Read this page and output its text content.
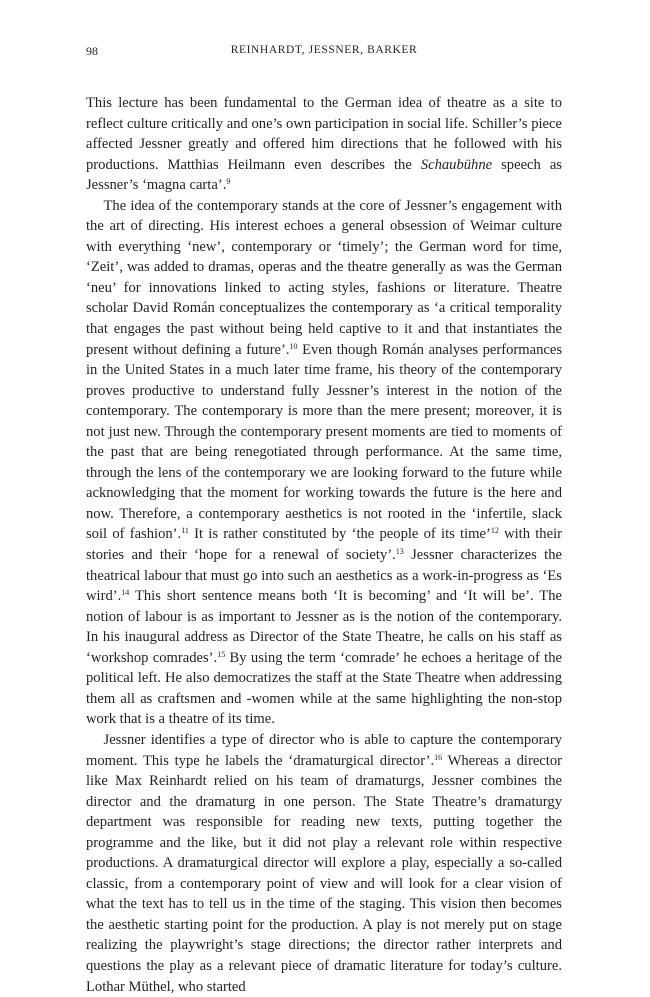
98	REINHARDT, JESSNER, BARKER

This lecture has been fundamental to the German idea of theatre as a site to reflect culture critically and one’s own participation in social life. Schiller’s piece affected Jessner greatly and offered him directions that he followed with his productions. Matthias Heilmann even describes the Schaubühne speech as Jessner’s ‘magna carta’.$^9$

The idea of the contemporary stands at the core of Jessner’s engagement with the art of directing. His interest echoes a general obsession of Weimar culture with everything ‘new’, contemporary or ‘timely’; the German word for time, ‘Zeit’, was added to dramas, operas and the theatre generally as was the German ‘neu’ for innovations linked to acting styles, fashions or literature. Theatre scholar David Román conceptualizes the contemporary as ‘a critical temporality that engages the past without being held captive to it and that instantiates the present without defining a future’.$^{10}$ Even though Román analyses performances in the United States in a much later time frame, his theory of the contemporary proves productive to understand fully Jessner’s interest in the notion of the contemporary. The contemporary is more than the mere present; moreover, it is not just new. Through the contemporary present moments are tied to moments of the past that are being renegotiated through performance. At the same time, through the lens of the contemporary we are looking forward to the future while acknowledging that the moment for working towards the future is the here and now. Therefore, a contemporary aesthetics is not rooted in the ‘infertile, slack soil of fashion’.$^{11}$ It is rather constituted by ‘the people of its time’$^{12}$ with their stories and their ‘hope for a renewal of society’.$^{13}$ Jessner characterizes the theatrical labour that must go into such an aesthetics as a work-in-progress as ‘Es wird’.$^{14}$ This short sentence means both ‘It is becoming’ and ‘It will be’. The notion of labour is as important to Jessner as is the notion of the contemporary. In his inaugural address as Director of the State Theatre, he calls on his staff as ‘workshop comrades’.$^{15}$ By using the term ‘comrade’ he echoes a heritage of the political left. He also democratizes the staff at the State Theatre when addressing them all as craftsmen and -women while at the same highlighting the non-stop work that is a theatre of its time.

Jessner identifies a type of director who is able to capture the contemporary moment. This type he labels the ‘dramaturgical director’.$^{16}$ Whereas a director like Max Reinhardt relied on his team of dramaturgs, Jessner combines the director and the dramaturg in one person. The State Theatre’s dramaturgy department was responsible for reading new texts, putting together the programme and the like, but it did not play a relevant role within respective productions. A dramaturgical director will explore a play, especially a so-called classic, from a contemporary point of view and will look for a clear vision of what the text has to tell us in the time of the staging. This vision then becomes the aesthetic starting point for the production. A play is not merely put on stage realizing the playwright’s stage directions; the director rather interprets and questions the play as a relevant piece of dramatic literature for today’s culture. Lothar Müthel, who started
